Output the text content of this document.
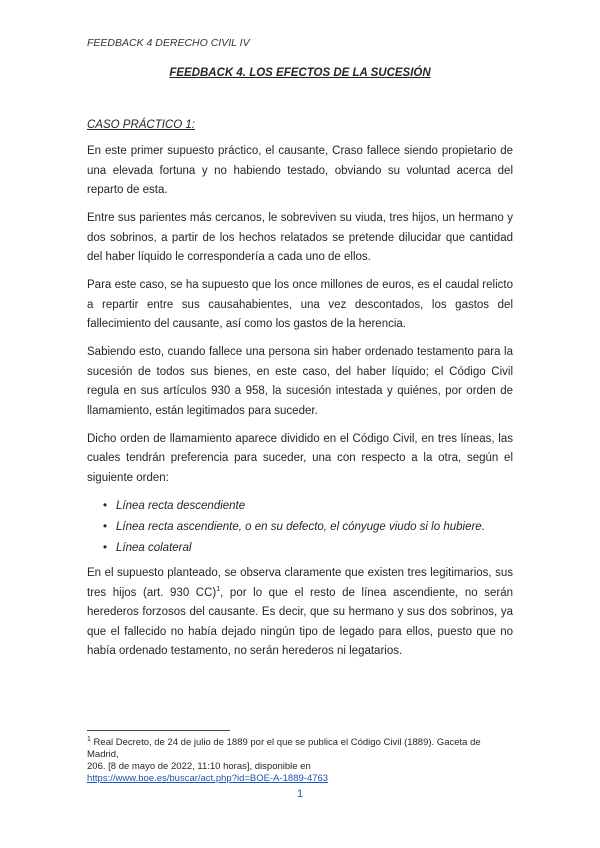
FEEDBACK 4 DERECHO CIVIL IV
FEEDBACK 4. LOS EFECTOS DE LA SUCESIÓN
CASO PRÁCTICO 1:

En este primer supuesto práctico, el causante, Craso fallece siendo propietario de una elevada fortuna y no habiendo testado, obviando su voluntad acerca del reparto de esta.

Entre sus parientes más cercanos, le sobreviven su viuda, tres hijos, un hermano y dos sobrinos, a partir de los hechos relatados se pretende dilucidar que cantidad del haber líquido le correspondería a cada uno de ellos.

Para este caso, se ha supuesto que los once millones de euros, es el caudal relicto a repartir entre sus causahabientes, una vez descontados, los gastos del fallecimiento del causante, así como los gastos de la herencia.

Sabiendo esto, cuando fallece una persona sin haber ordenado testamento para la sucesión de todos sus bienes, en este caso, del haber líquido; el Código Civil regula en sus artículos 930 a 958, la sucesión intestada y quiénes, por orden de llamamiento, están legitimados para suceder.

Dicho orden de llamamiento aparece dividido en el Código Civil, en tres líneas, las cuales tendrán preferencia para suceder, una con respecto a la otra, según el siguiente orden:

• Línea recta descendiente
• Línea recta ascendiente, o en su defecto, el cónyuge viudo si lo hubiere.
• Línea colateral

En el supuesto planteado, se observa claramente que existen tres legitimarios, sus tres hijos (art. 930 CC)$^1$, por lo que el resto de línea ascendiente, no serán herederos forzosos del causante. Es decir, que su hermano y sus dos sobrinos, ya que el fallecido no había dejado ningún tipo de legado para ellos, puesto que no había ordenado testamento, no serán herederos ni legatarios.

$^1$ Real Decreto, de 24 de julio de 1889 por el que se publica el Código Civil (1889). Gaceta de Madrid,
206. [8 de mayo de 2022, 11:10 horas], disponible en
https://www.boe.es/buscar/act.php?id=BOE-A-1889-4763
1
